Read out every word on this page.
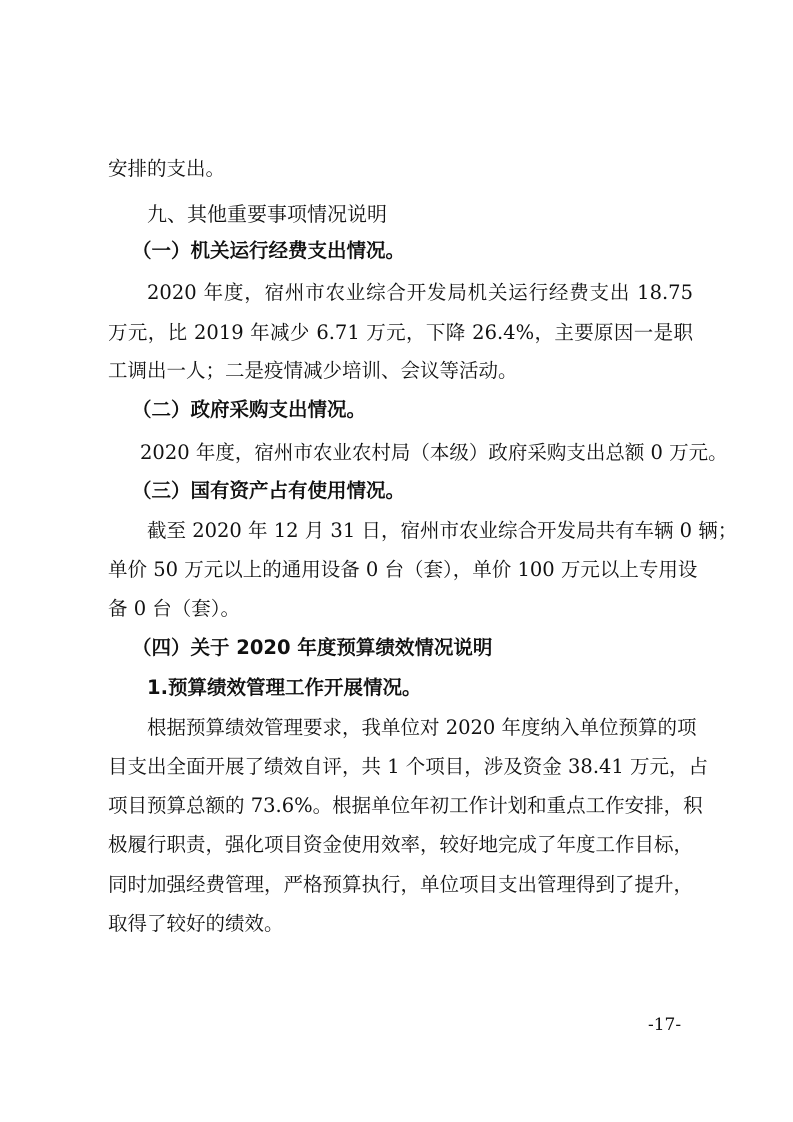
安排的支出。
九、其他重要事项情况说明
（一）机关运行经费支出情况。
2020 年度，宿州市农业综合开发局机关运行经费支出 18.75
万元，比 2019 年减少 6.71 万元，下降 26.4%，主要原因一是职
工调出一人；二是疫情减少培训、会议等活动。
（二）政府采购支出情况。
2020 年度，宿州市农业农村局（本级）政府采购支出总额 0 万元。
（三）国有资产占有使用情况。
截至 2020 年 12 月 31 日，宿州市农业综合开发局共有车辆 0 辆；
单价 50 万元以上的通用设备 0 台（套），单价 100 万元以上专用设
备 0 台（套）。
（四）关于 2020 年度预算绩效情况说明
1.预算绩效管理工作开展情况。
根据预算绩效管理要求，我单位对 2020 年度纳入单位预算的项
目支出全面开展了绩效自评，共 1 个项目，涉及资金 38.41 万元，占
项目预算总额的 73.6%。根据单位年初工作计划和重点工作安排，积
极履行职责，强化项目资金使用效率，较好地完成了年度工作目标，
同时加强经费管理，严格预算执行，单位项目支出管理得到了提升，
取得了较好的绩效。
-17-
